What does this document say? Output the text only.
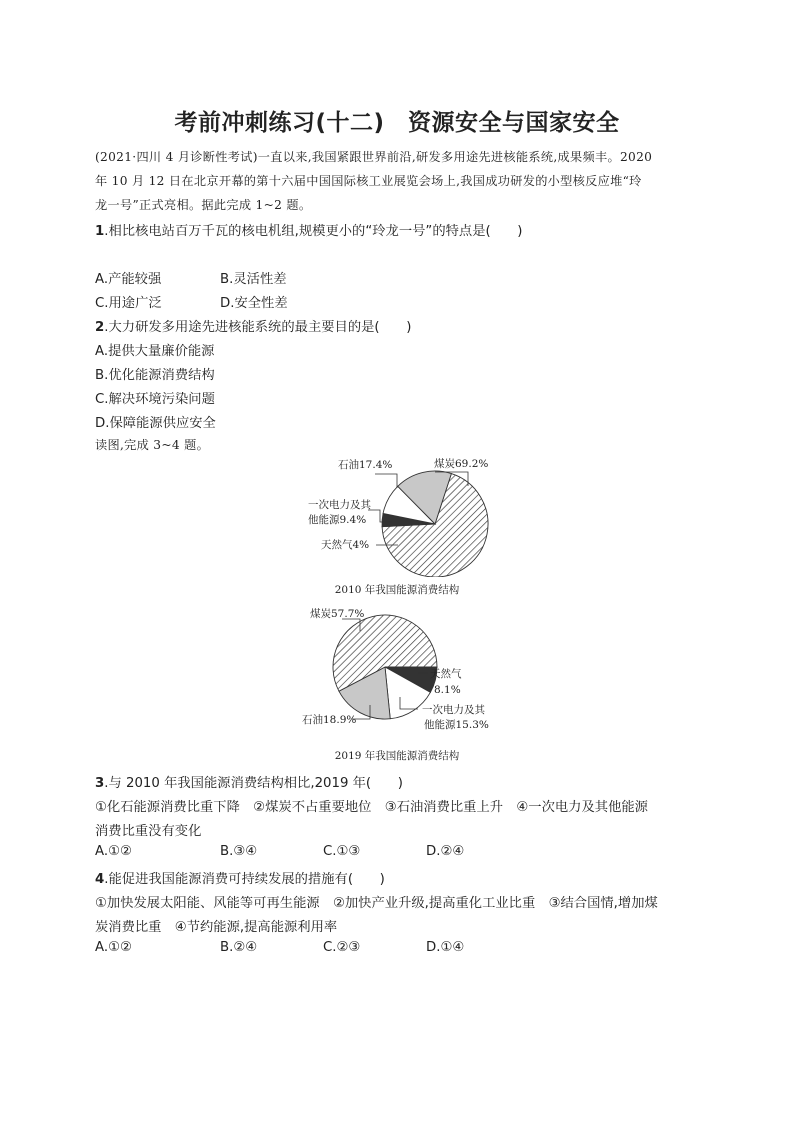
考前冲刺练习(十二)　资源安全与国家安全
(2021·四川 4 月诊断性考试)一直以来,我国紧跟世界前沿,研发多用途先进核能系统,成果频丰。2020
年 10 月 12 日在北京开幕的第十六届中国国际核工业展览会场上,我国成功研发的小型核反应堆“玲
龙一号”正式亮相。据此完成 1~2 题。
1.相比核电站百万千瓦的核电机组,规模更小的“玲龙一号”的特点是(　　)
A.产能较强	B.灵活性差
C.用途广泛	D.安全性差
2.大力研发多用途先进核能系统的最主要目的是(　　)
A.提供大量廉价能源
B.优化能源消费结构
C.解决环境污染问题
D.保障能源供应安全
读图,完成 3~4 题。
石油17.4%	煤炭69.2%
一次电力及其
他能源9.4%
天然气4%
2010 年我国能源消费结构
煤炭57.7%
天然气
8.1%
一次电力及其
他能源15.3%
石油18.9%
2019 年我国能源消费结构
3.与 2010 年我国能源消费结构相比,2019 年(　　)
①化石能源消费比重下降　②煤炭不占重要地位　③石油消费比重上升　④一次电力及其他能源
消费比重没有变化
A.①②	B.③④	C.①③	D.②④
4.能促进我国能源消费可持续发展的措施有(　　)
①加快发展太阳能、风能等可再生能源　②加快产业升级,提高重化工业比重　③结合国情,增加煤
炭消费比重　④节约能源,提高能源利用率
A.①②	B.②④	C.②③	D.①④
